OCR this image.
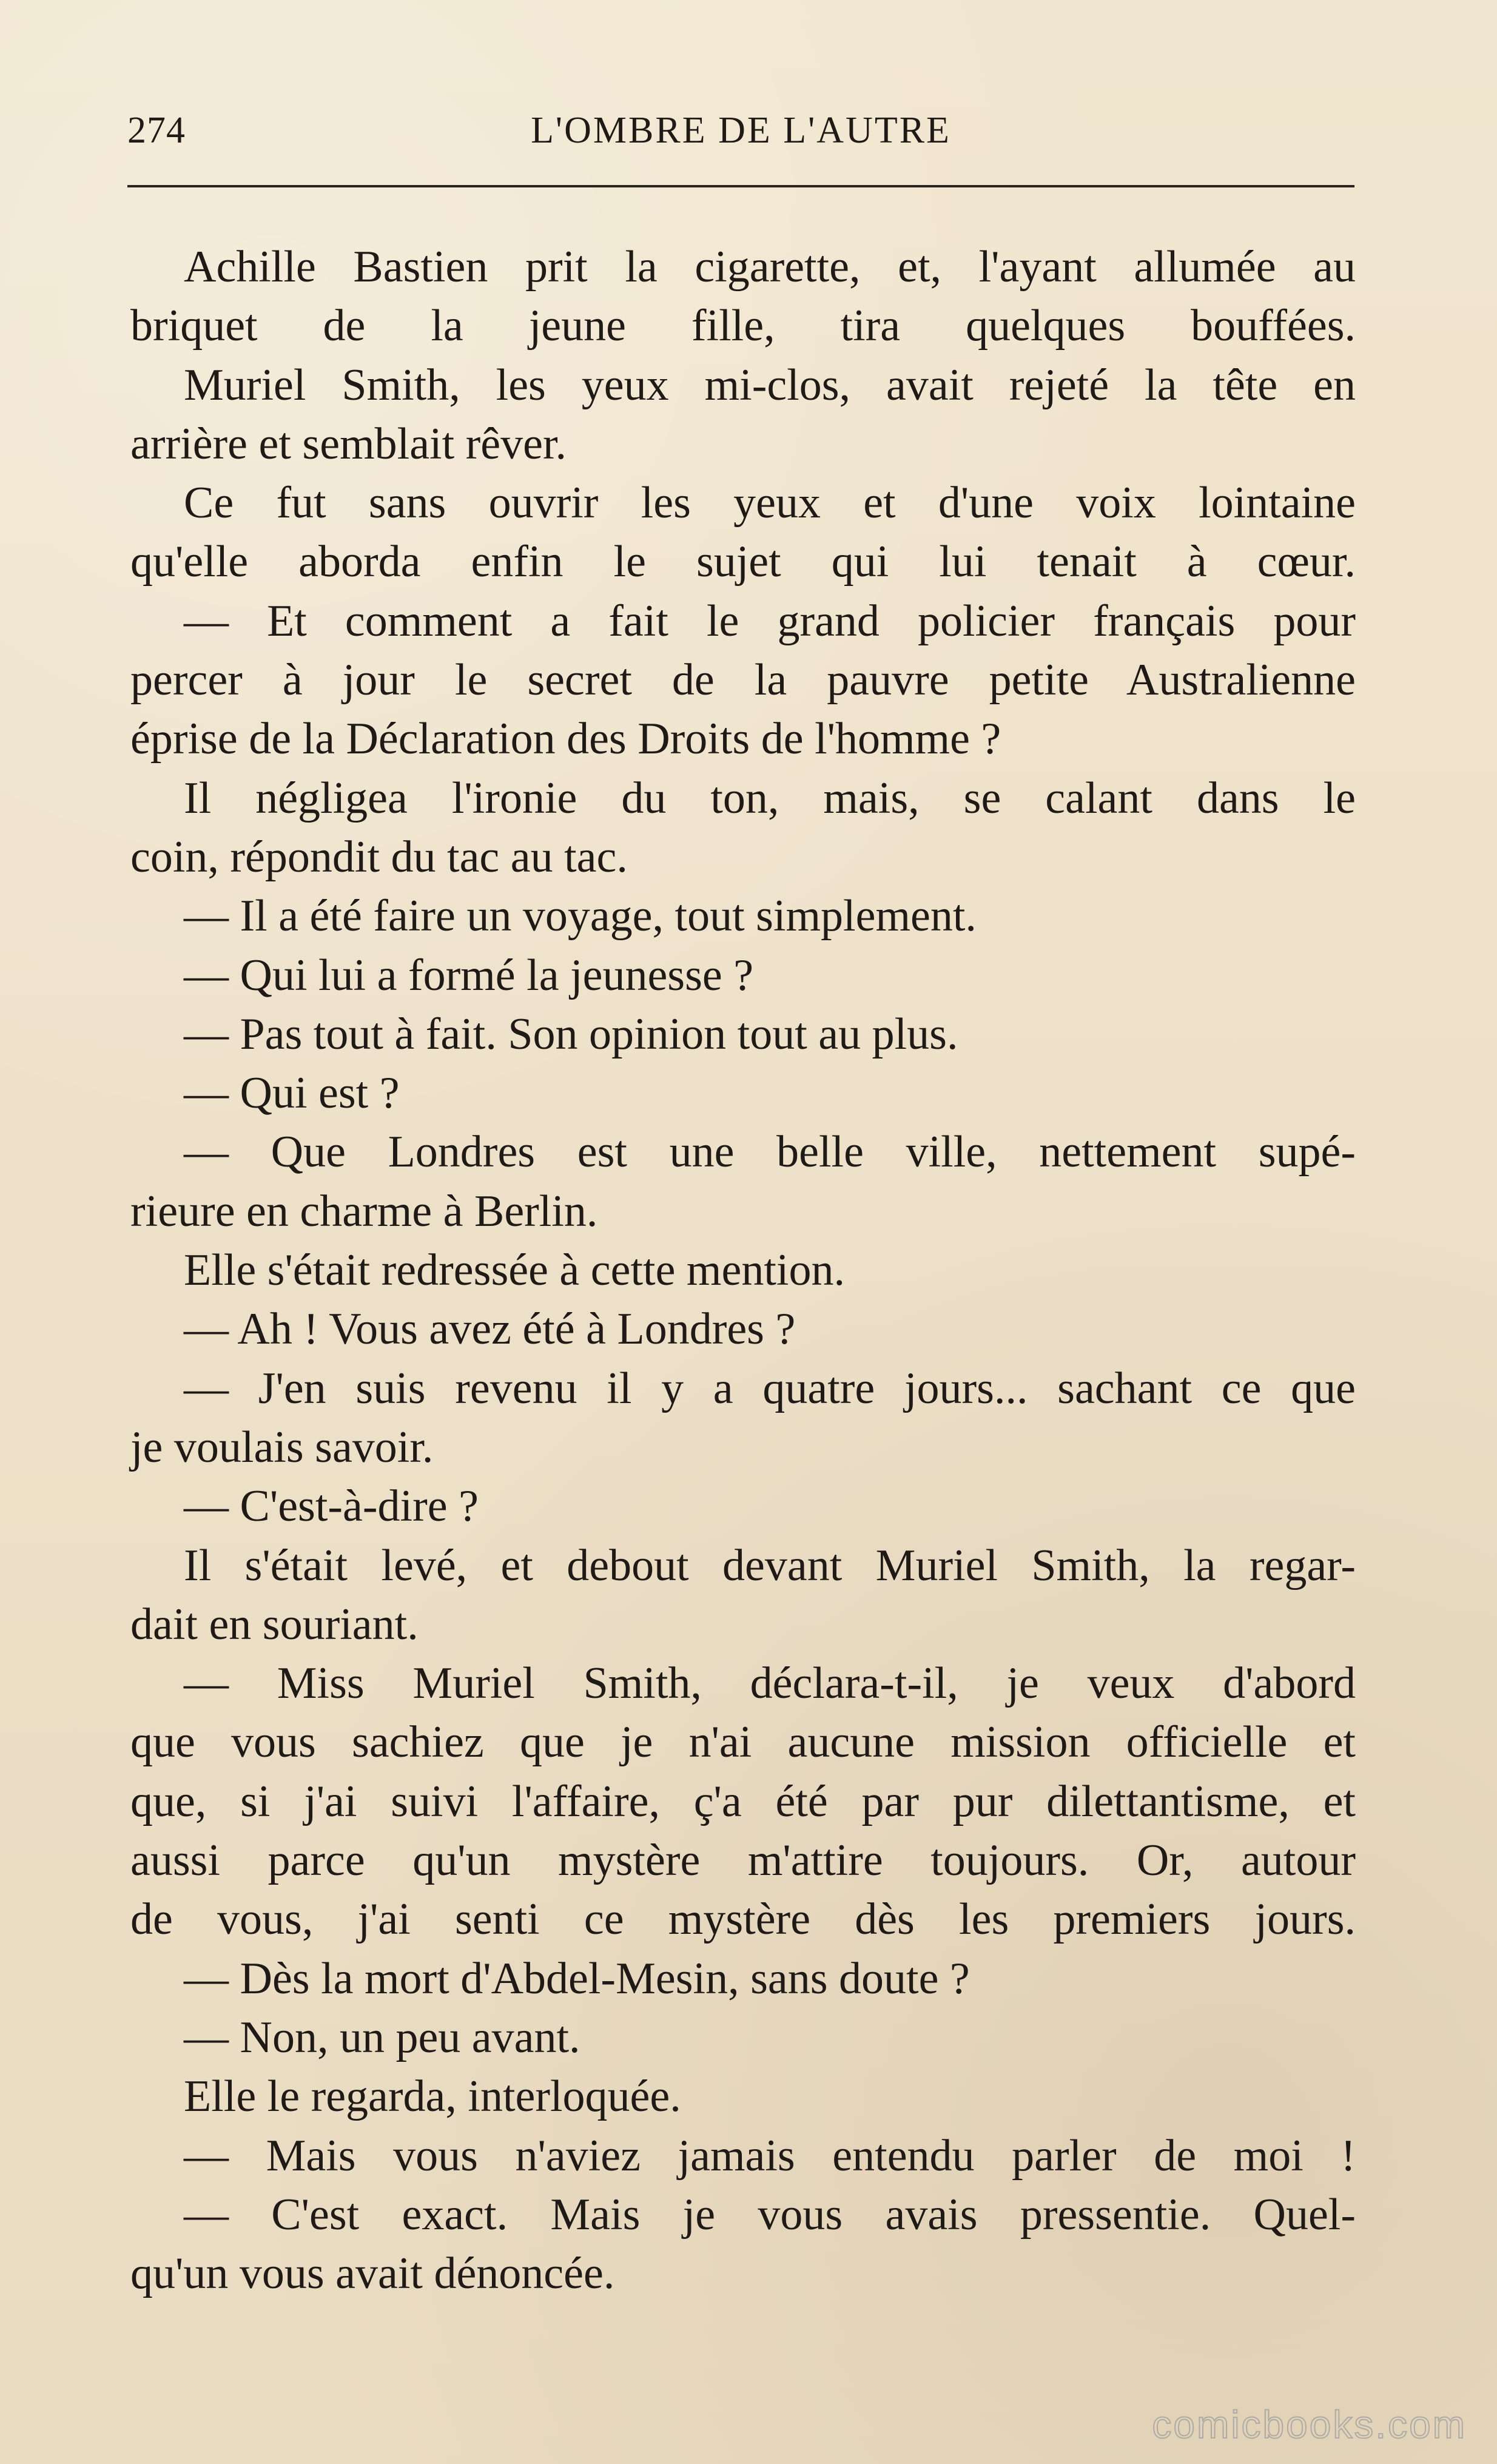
274	L'OMBRE DE L'AUTRE
Achille Bastien prit la cigarette, et, l'ayant allumée au
briquet de la jeune fille, tira quelques bouffées.
Muriel Smith, les yeux mi-clos, avait rejeté la tête en
arrière et semblait rêver.
Ce fut sans ouvrir les yeux et d'une voix lointaine
qu'elle aborda enfin le sujet qui lui tenait à cœur.
— Et comment a fait le grand policier français pour
percer à jour le secret de la pauvre petite Australienne
éprise de la Déclaration des Droits de l'homme ?
Il négligea l'ironie du ton, mais, se calant dans le
coin, répondit du tac au tac.
— Il a été faire un voyage, tout simplement.
— Qui lui a formé la jeunesse ?
— Pas tout à fait. Son opinion tout au plus.
— Qui est ?
— Que Londres est une belle ville, nettement supé-
rieure en charme à Berlin.
Elle s'était redressée à cette mention.
— Ah ! Vous avez été à Londres ?
— J'en suis revenu il y a quatre jours... sachant ce que
je voulais savoir.
— C'est-à-dire ?
Il s'était levé, et debout devant Muriel Smith, la regar-
dait en souriant.
— Miss Muriel Smith, déclara-t-il, je veux d'abord
que vous sachiez que je n'ai aucune mission officielle et
que, si j'ai suivi l'affaire, ç'a été par pur dilettantisme, et
aussi parce qu'un mystère m'attire toujours. Or, autour
de vous, j'ai senti ce mystère dès les premiers jours.
— Dès la mort d'Abdel-Mesin, sans doute ?
— Non, un peu avant.
Elle le regarda, interloquée.
— Mais vous n'aviez jamais entendu parler de moi !
— C'est exact. Mais je vous avais pressentie. Quel-
qu'un vous avait dénoncée.
comicbooks.com
